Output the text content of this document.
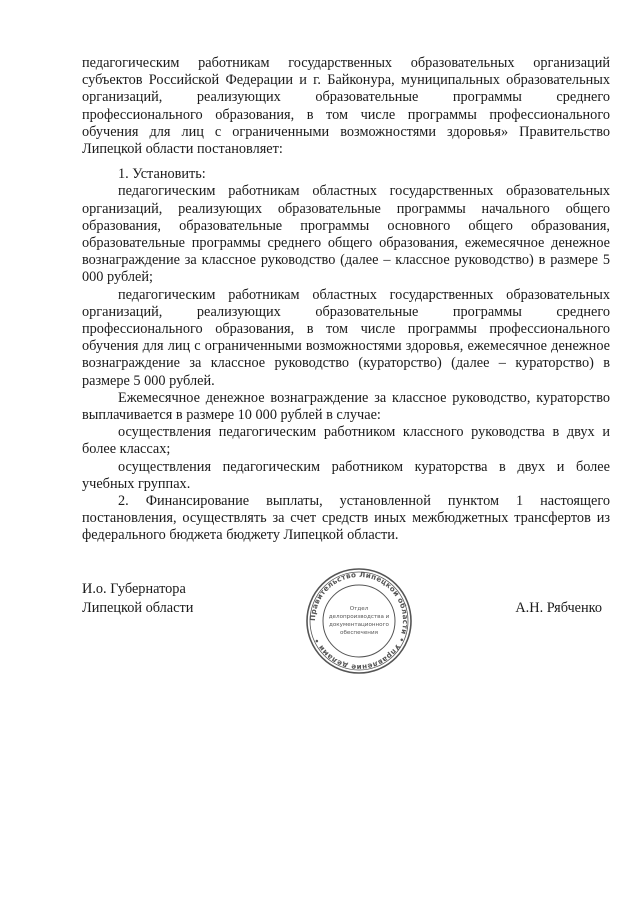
педагогическим работникам государственных образовательных организаций субъектов Российской Федерации и г. Байконура, муниципальных образовательных организаций, реализующих образовательные программы среднего профессионального образования, в том числе программы профессионального обучения для лиц с ограниченными возможностями здоровья» Правительство Липецкой области постановляет:

1. Установить:

педагогическим работникам областных государственных образовательных организаций, реализующих образовательные программы начального общего образования, образовательные программы основного общего образования, образовательные программы среднего общего образования, ежемесячное денежное вознаграждение за классное руководство (далее – классное руководство) в размере 5 000 рублей;

педагогическим работникам областных государственных образовательных организаций, реализующих образовательные программы среднего профессионального образования, в том числе программы профессионального обучения для лиц с ограниченными возможностями здоровья, ежемесячное денежное вознаграждение за классное руководство (кураторство) (далее – кураторство) в размере 5 000 рублей.

Ежемесячное денежное вознаграждение за классное руководство, кураторство выплачивается в размере 10 000 рублей в случае:

осуществления педагогическим работником классного руководства в двух и более классах;

осуществления педагогическим работником кураторства в двух и более учебных группах.

2. Финансирование выплаты, установленной пунктом 1 настоящего постановления, осуществлять за счет средств иных межбюджетных трансфертов из федерального бюджета бюджету Липецкой области.

И.о. Губернатора
Липецкой области
Правительство Липецкой области • Управление делами •
Отдел
делопроизводства и
документационного
обеспечения
А.Н. Рябченко
